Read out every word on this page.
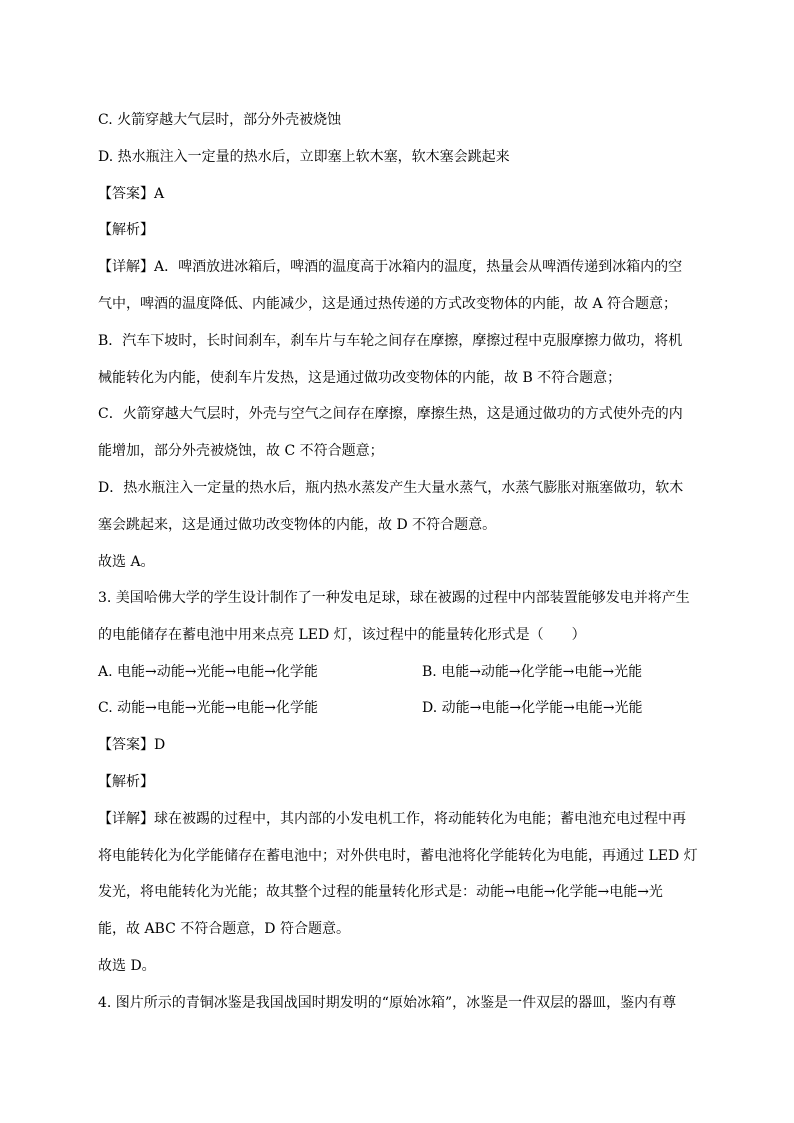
C. 火箭穿越大气层时，部分外壳被烧蚀
D. 热水瓶注入一定量的热水后，立即塞上软木塞，软木塞会跳起来
【答案】A
【解析】
【详解】A．啤酒放进冰箱后，啤酒的温度高于冰箱内的温度，热量会从啤酒传递到冰箱内的空
气中，啤酒的温度降低、内能减少，这是通过热传递的方式改变物体的内能，故 A 符合题意；
B．汽车下坡时，长时间刹车，刹车片与车轮之间存在摩擦，摩擦过程中克服摩擦力做功，将机
械能转化为内能，使刹车片发热，这是通过做功改变物体的内能，故 B 不符合题意；
C．火箭穿越大气层时，外壳与空气之间存在摩擦，摩擦生热，这是通过做功的方式使外壳的内
能增加，部分外壳被烧蚀，故 C 不符合题意；
D．热水瓶注入一定量的热水后，瓶内热水蒸发产生大量水蒸气，水蒸气膨胀对瓶塞做功，软木
塞会跳起来，这是通过做功改变物体的内能，故 D 不符合题意。
故选 A。
3. 美国哈佛大学的学生设计制作了一种发电足球，球在被踢的过程中内部装置能够发电并将产生
的电能储存在蓄电池中用来点亮 LED 灯，该过程中的能量转化形式是（　　）
A. 电能→动能→光能→电能→化学能	B. 电能→动能→化学能→电能→光能
C. 动能→电能→光能→电能→化学能	D. 动能→电能→化学能→电能→光能
【答案】D
【解析】
【详解】球在被踢的过程中，其内部的小发电机工作，将动能转化为电能；蓄电池充电过程中再
将电能转化为化学能储存在蓄电池中；对外供电时，蓄电池将化学能转化为电能，再通过 LED 灯
发光，将电能转化为光能；故其整个过程的能量转化形式是：动能→电能→化学能→电能→光
能，故 ABC 不符合题意，D 符合题意。
故选 D。
4. 图片所示的青铜冰鉴是我国战国时期发明的“原始冰箱”，冰鉴是一件双层的器皿，鉴内有尊
